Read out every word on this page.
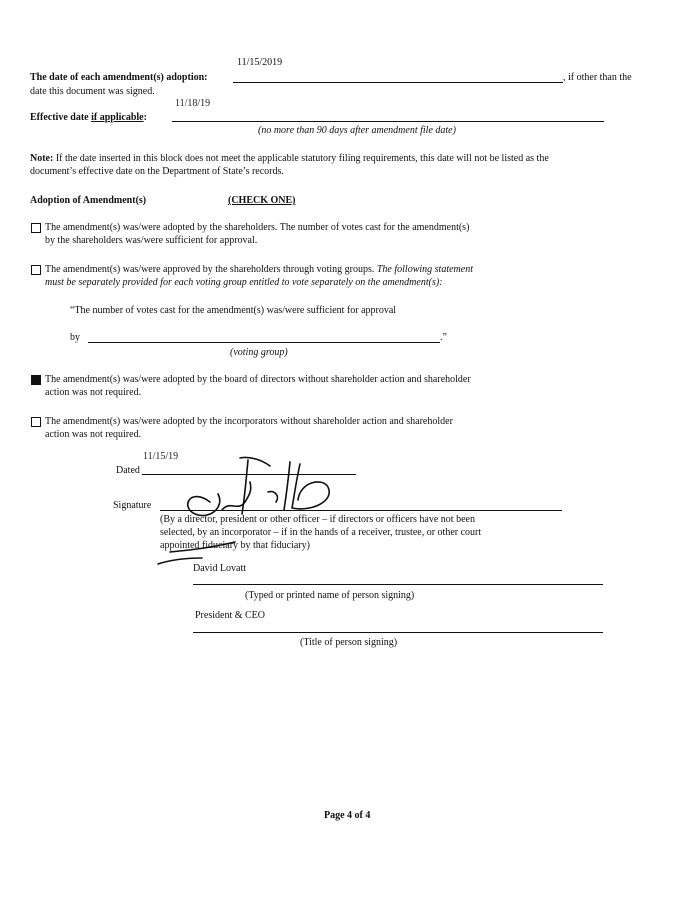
11/15/2019
The date of each amendment(s) adoption:	, if other than the
date this document was signed.
11/18/19
Effective date if applicable:
(no more than 90 days after amendment file date)
Note: If the date inserted in this block does not meet the applicable statutory filing requirements, this date will not be listed as the
document’s effective date on the Department of State’s records.
Adoption of Amendment(s)	(CHECK ONE)
The amendment(s) was/were adopted by the shareholders. The number of votes cast for the amendment(s)
by the shareholders was/were sufficient for approval.
The amendment(s) was/were approved by the shareholders through voting groups. The following statement
must be separately provided for each voting group entitled to vote separately on the amendment(s):
“The number of votes cast for the amendment(s) was/were sufficient for approval
by	.”
(voting group)
The amendment(s) was/were adopted by the board of directors without shareholder action and shareholder
action was not required.
The amendment(s) was/were adopted by the incorporators without shareholder action and shareholder
action was not required.
11/15/19
Dated
Signature
(By a director, president or other officer – if directors or officers have not been
selected, by an incorporator – if in the hands of a receiver, trustee, or other court
appointed fiduciary by that fiduciary)
David Lovatt
(Typed or printed name of person signing)
President & CEO
(Title of person signing)
Page 4 of 4
